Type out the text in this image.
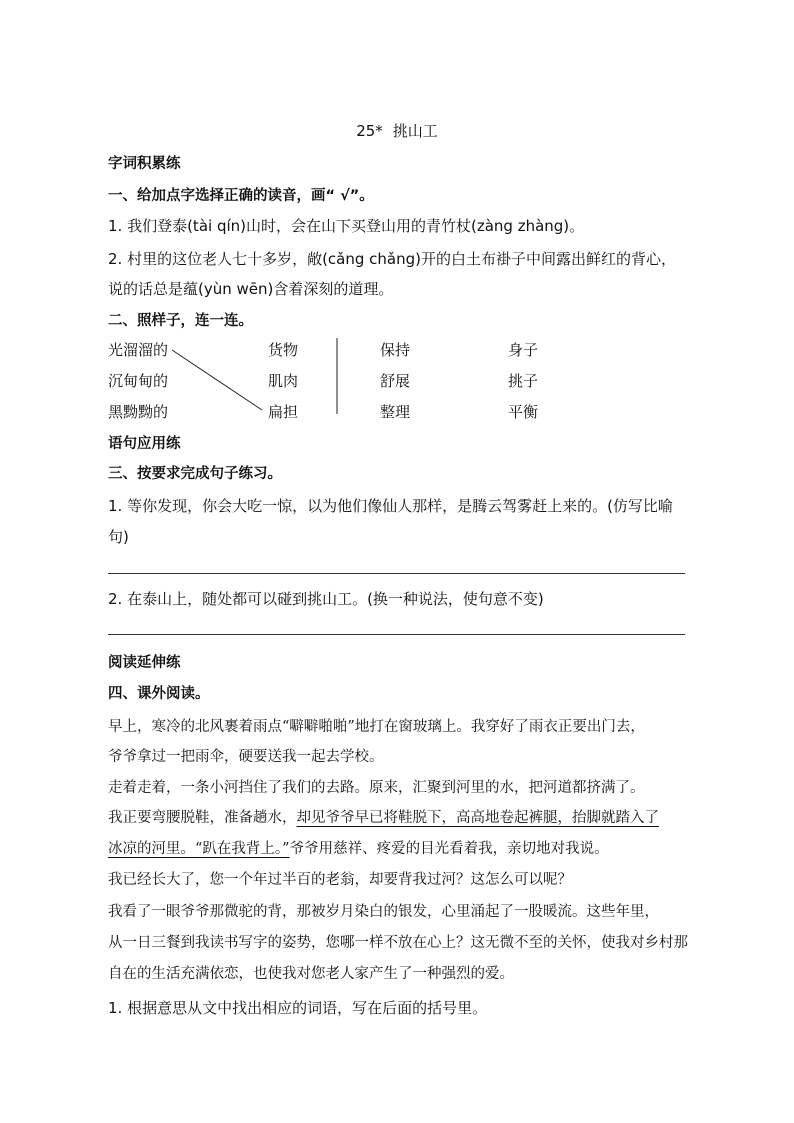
25* 挑山工
字词积累练
一、给加点字选择正确的读音，画“ √”。
1. 我们登泰(tài qín)山时，会在山下买登山用的青竹杖(zàng zhàng)。
2. 村里的这位老人七十多岁，敞(cǎng chǎng)开的白土布褂子中间露出鲜红的背心，
说的话总是蕴(yùn wēn)含着深刻的道理。
二、照样子，连一连。
光溜溜的
沉甸甸的
黑黝黝的
货物
肌肉
扁担
保持
舒展
整理
身子
挑子
平衡
语句应用练
三、按要求完成句子练习。
1. 等你发现，你会大吃一惊，以为他们像仙人那样，是腾云驾雾赶上来的。(仿写比喻
句)
2. 在泰山上，随处都可以碰到挑山工。(换一种说法，使句意不变)
阅读延伸练
四、课外阅读。
早上，寒冷的北风裹着雨点“噼噼啪啪”地打在窗玻璃上。我穿好了雨衣正要出门去，
爷爷拿过一把雨伞，硬要送我一起去学校。
走着走着，一条小河挡住了我们的去路。原来，汇聚到河里的水，把河道都挤满了。
我正要弯腰脱鞋，准备趟水，却见爷爷早已将鞋脱下，高高地卷起裤腿，抬脚就踏入了
冰凉的河里。“趴在我背上。”爷爷用慈祥、疼爱的目光看着我，亲切地对我说。
我已经长大了，您一个年过半百的老翁，却要背我过河？这怎么可以呢？
我看了一眼爷爷那微驼的背，那被岁月染白的银发，心里涌起了一股暖流。这些年里，
从一日三餐到我读书写字的姿势，您哪一样不放在心上？这无微不至的关怀，使我对乡村那
自在的生活充满依恋，也使我对您老人家产生了一种强烈的爱。
1. 根据意思从文中找出相应的词语，写在后面的括号里。
